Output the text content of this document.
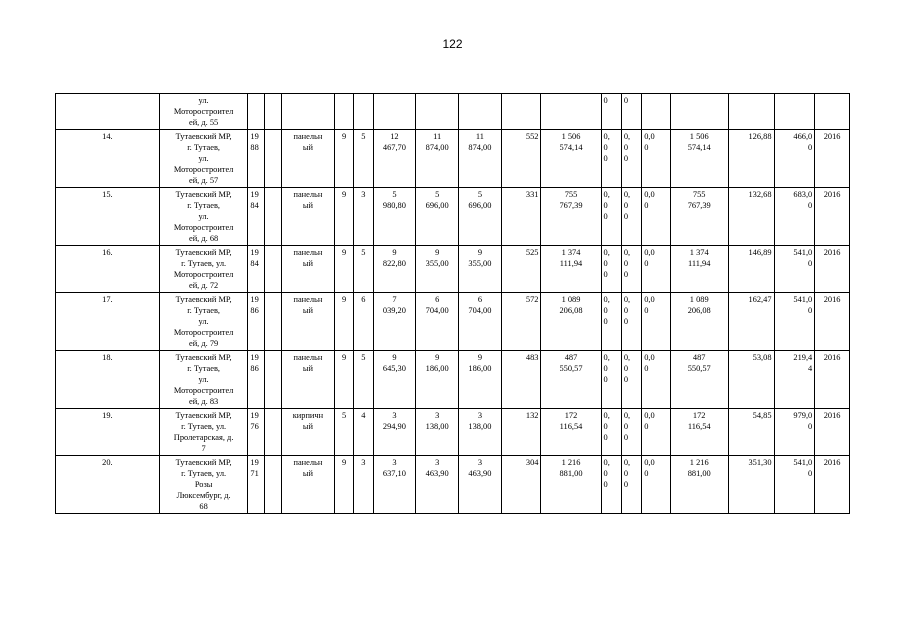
122
	ул.
Моторостроител
ей, д. 55											0	0					
14.	Тутаевский МР,
г. Тутаев,
ул.
Моторостроител
ей, д. 57	19
88		панельн
ый	9	5	12
467,70	11
874,00	11
874,00	552	1 506
574,14	0,
0
0	0,
0
0	0,0
0	1 506
574,14	126,88	466,0
0	2016
15.	Тутаевский МР,
г. Тутаев,
ул.
Моторостроител
ей, д. 68	19
84		панельн
ый	9	3	5
980,80	5
696,00	5
696,00	331	755
767,39	0,
0
0	0,
0
0	0,0
0	755
767,39	132,68	683,0
0	2016
16.	Тутаевский МР,
г. Тутаев, ул.
Моторостроител
ей, д. 72	19
84		панельн
ый	9	5	9
822,80	9
355,00	9
355,00	525	1 374
111,94	0,
0
0	0,
0
0	0,0
0	1 374
111,94	146,89	541,0
0	2016
17.	Тутаевский МР,
г. Тутаев,
ул.
Моторостроител
ей, д. 79	19
86		панельн
ый	9	6	7
039,20	6
704,00	6
704,00	572	1 089
206,08	0,
0
0	0,
0
0	0,0
0	1 089
206,08	162,47	541,0
0	2016
18.	Тутаевский МР,
г. Тутаев,
ул.
Моторостроител
ей, д. 83	19
86		панельн
ый	9	5	9
645,30	9
186,00	9
186,00	483	487
550,57	0,
0
0	0,
0
0	0,0
0	487
550,57	53,08	219,4
4	2016
19.	Тутаевский МР,
г. Тутаев, ул.
Пролетарская, д.
7	19
76		кирпичн
ый	5	4	3
294,90	3
138,00	3
138,00	132	172
116,54	0,
0
0	0,
0
0	0,0
0	172
116,54	54,85	979,0
0	2016
20.	Тутаевский МР,
г. Тутаев, ул.
Розы
Люксембург, д.
68	19
71		панельн
ый	9	3	3
637,10	3
463,90	3
463,90	304	1 216
881,00	0,
0
0	0,
0
0	0,0
0	1 216
881,00	351,30	541,0
0	2016
